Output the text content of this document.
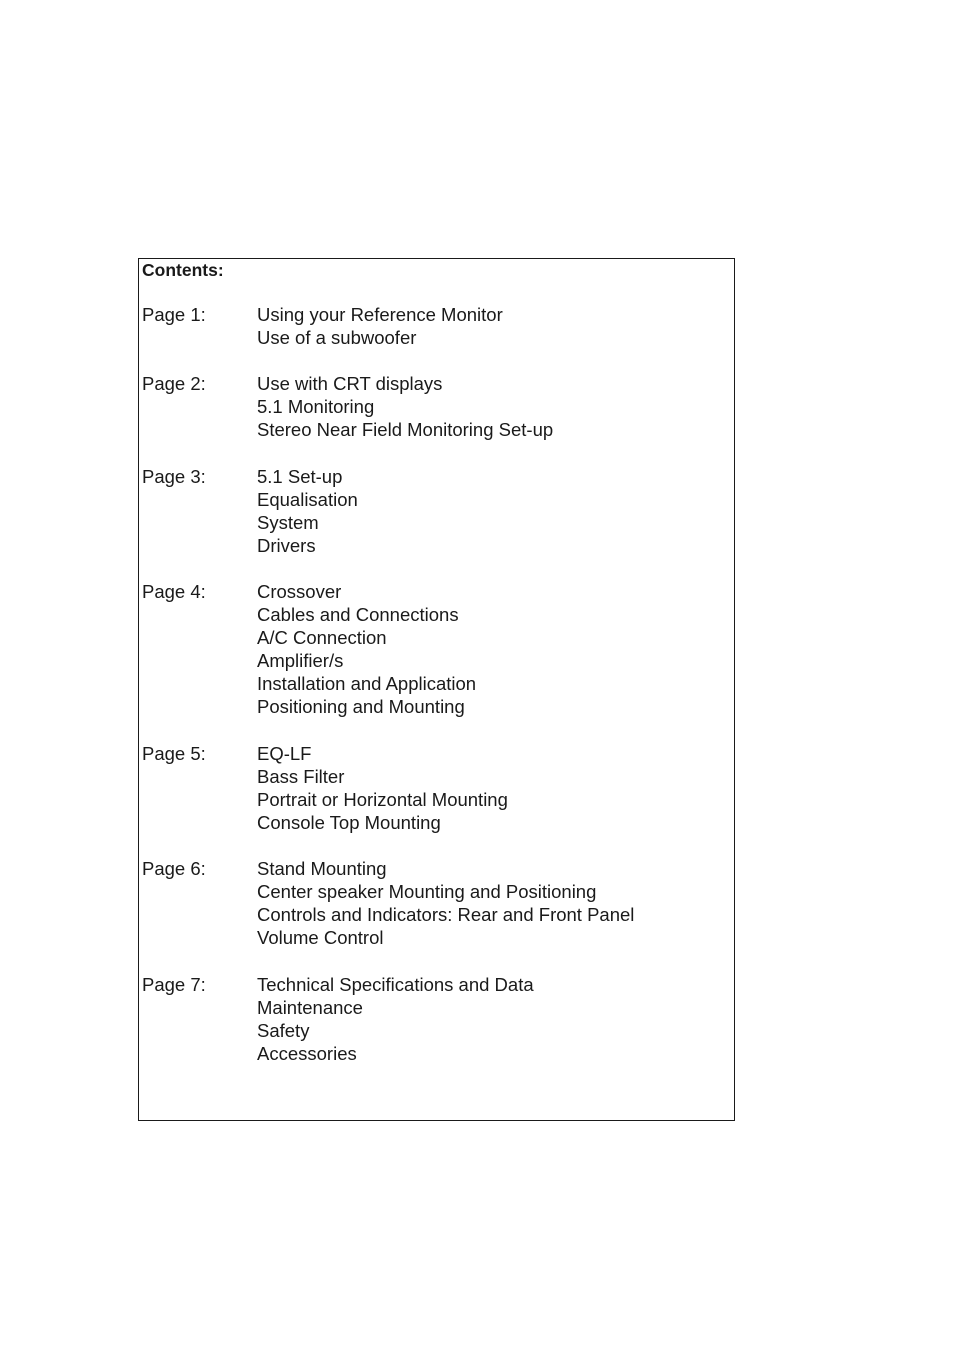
Contents:
Page 1:	Using your Reference Monitor
Use of a subwoofer
Page 2:	Use with CRT displays
5.1 Monitoring
Stereo Near Field Monitoring Set-up
Page 3:	5.1 Set-up
Equalisation
System
Drivers
Page 4:	Crossover
Cables and Connections
A/C Connection
Amplifier/s
Installation and Application
Positioning and Mounting
Page 5:	EQ-LF
Bass Filter
Portrait or Horizontal Mounting
Console Top Mounting
Page 6:	Stand Mounting
Center speaker Mounting and Positioning
Controls and Indicators: Rear and Front Panel
Volume Control
Page 7:	Technical Specifications and Data
Maintenance
Safety
Accessories
